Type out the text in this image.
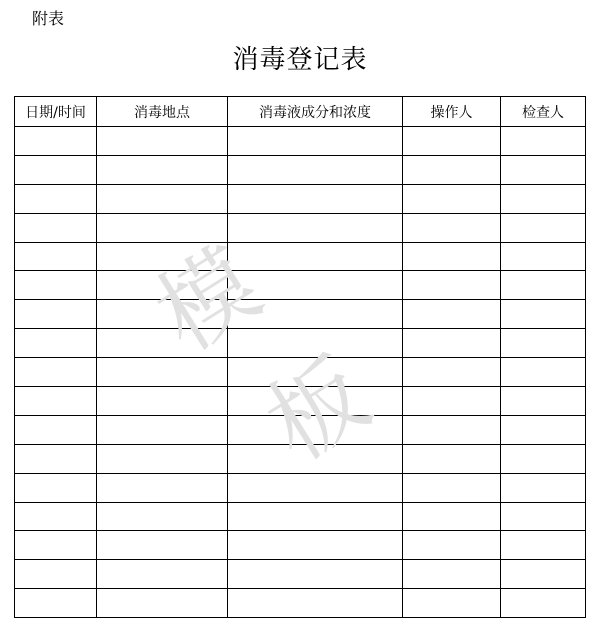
附表
消毒登记表
日期/时间	消毒地点	消毒液成分和浓度	操作人	检查人

模
板
